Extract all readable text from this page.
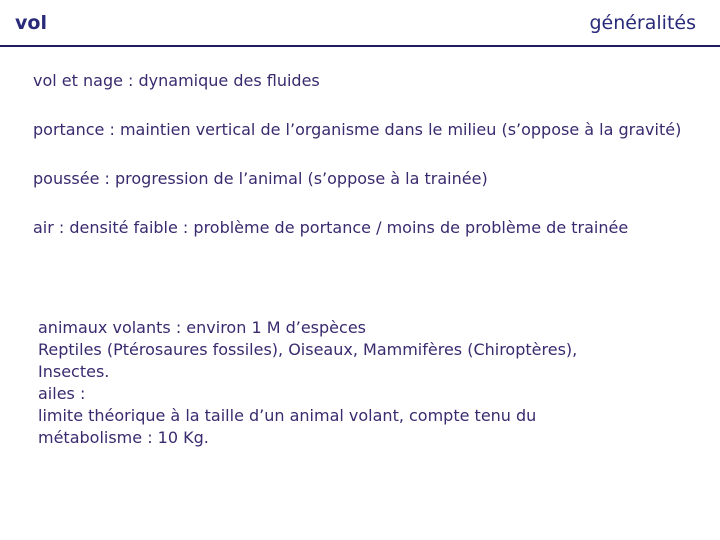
vol	généralités

vol et nage : dynamique des fluides

portance : maintien vertical de l’organisme dans le milieu (s’oppose à la gravité)

poussée : progression de l’animal (s’oppose à la trainée)

air : densité faible : problème de portance / moins de problème de trainée

animaux volants : environ 1 M d’espèces
Reptiles (Ptérosaures fossiles), Oiseaux, Mammifères (Chiroptères),
Insectes.
ailes :
limite théorique à la taille d’un animal volant, compte tenu du
métabolisme : 10 Kg.
